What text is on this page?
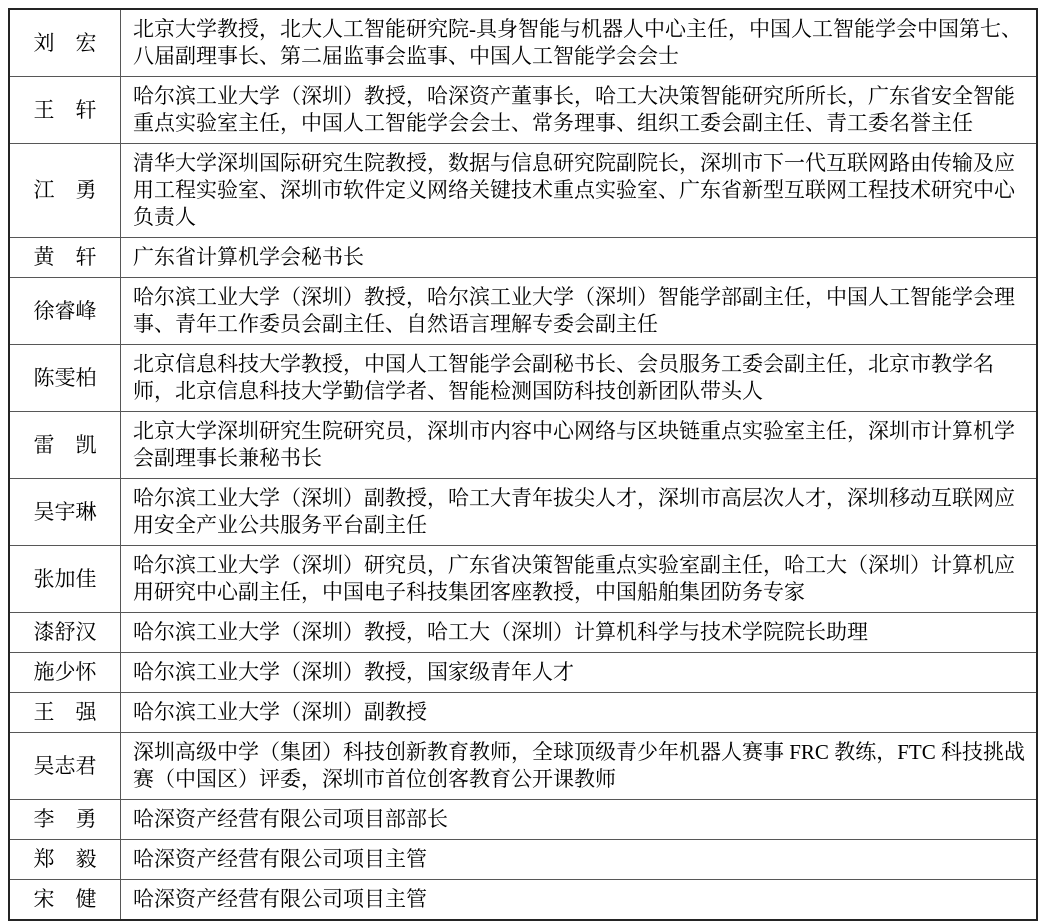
刘　宏	北京大学教授，北大人工智能研究院-具身智能与机器人中心主任，中国人工智能学会中国第七、八届副理事长、第二届监事会监事、中国人工智能学会会士
王　轩	哈尔滨工业大学（深圳）教授，哈深资产董事长，哈工大决策智能研究所所长，广东省安全智能重点实验室主任，中国人工智能学会会士、常务理事、组织工委会副主任、青工委名誉主任
江　勇	清华大学深圳国际研究生院教授，数据与信息研究院副院长，深圳市下一代互联网路由传输及应用工程实验室、深圳市软件定义网络关键技术重点实验室、广东省新型互联网工程技术研究中心负责人
黄　轩	广东省计算机学会秘书长
徐睿峰	哈尔滨工业大学（深圳）教授，哈尔滨工业大学（深圳）智能学部副主任，中国人工智能学会理事、青年工作委员会副主任、自然语言理解专委会副主任
陈雯柏	北京信息科技大学教授，中国人工智能学会副秘书长、会员服务工委会副主任，北京市教学名师，北京信息科技大学勤信学者、智能检测国防科技创新团队带头人
雷　凯	北京大学深圳研究生院研究员，深圳市内容中心网络与区块链重点实验室主任，深圳市计算机学会副理事长兼秘书长
吴宇琳	哈尔滨工业大学（深圳）副教授，哈工大青年拔尖人才，深圳市高层次人才，深圳移动互联网应用安全产业公共服务平台副主任
张加佳	哈尔滨工业大学（深圳）研究员，广东省决策智能重点实验室副主任，哈工大（深圳）计算机应用研究中心副主任，中国电子科技集团客座教授，中国船舶集团防务专家
漆舒汉	哈尔滨工业大学（深圳）教授，哈工大（深圳）计算机科学与技术学院院长助理
施少怀	哈尔滨工业大学（深圳）教授，国家级青年人才
王　强	哈尔滨工业大学（深圳）副教授
吴志君	深圳高级中学（集团）科技创新教育教师，全球顶级青少年机器人赛事 FRC 教练，FTC 科技挑战赛（中国区）评委，深圳市首位创客教育公开课教师
李　勇	哈深资产经营有限公司项目部部长
郑　毅	哈深资产经营有限公司项目主管
宋　健	哈深资产经营有限公司项目主管
